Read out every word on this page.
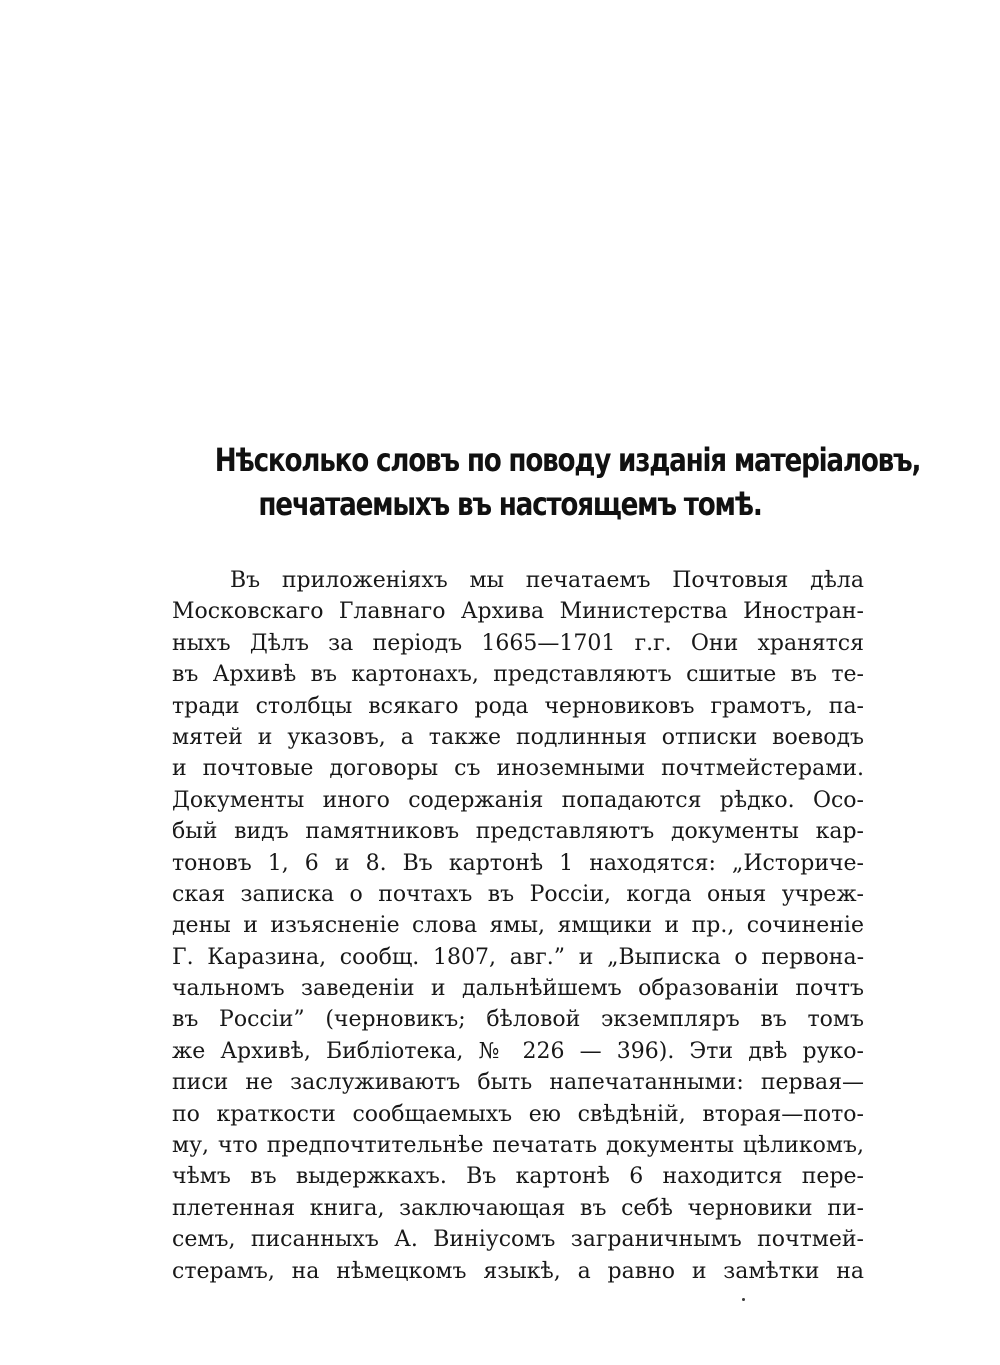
Нѣсколько словъ по поводу изданія матеріаловъ,
печатаемыхъ въ настоящемъ томѣ.
Въ приложеніяхъ мы печатаемъ Почтовыя дѣла
Московскаго Главнаго Архива Министерства Иностран-
ныхъ Дѣлъ за періодъ 1665—1701 г.г. Они хранятся
въ Архивѣ въ картонахъ, представляютъ сшитые въ те-
тради столбцы всякаго рода черновиковъ грамотъ, па-
мятей и указовъ, а также подлинныя отписки воеводъ
и почтовые договоры съ иноземными почтмейстерами.
Документы иного содержанія попадаются рѣдко. Осо-
бый видъ памятниковъ представляютъ документы кар-
тоновъ 1, 6 и 8. Въ картонѣ 1 находятся: „Историче-
ская записка о почтахъ въ Россіи, когда оныя учреж-
дены и изъясненіе слова ямы, ямщики и пр., сочиненіе
Г. Каразина, сообщ. 1807, авг.” и „Выписка о первона-
чальномъ заведеніи и дальнѣйшемъ образованіи почтъ
въ Россіи” (черновикъ; бѣловой экземпляръ въ томъ
же Архивѣ, Библіотека, № 226 — 396). Эти двѣ руко-
писи не заслуживаютъ быть напечатанными: первая—
по краткости сообщаемыхъ ею свѣдѣній, вторая—пото-
му, что предпочтительнѣе печатать документы цѣликомъ,
чѣмъ въ выдержкахъ. Въ картонѣ 6 находится пере-
плетенная книга, заключающая въ себѣ черновики пи-
семъ, писанныхъ А. Виніусомъ заграничнымъ почтмей-
стерамъ, на нѣмецкомъ языкѣ, а равно и замѣтки на
